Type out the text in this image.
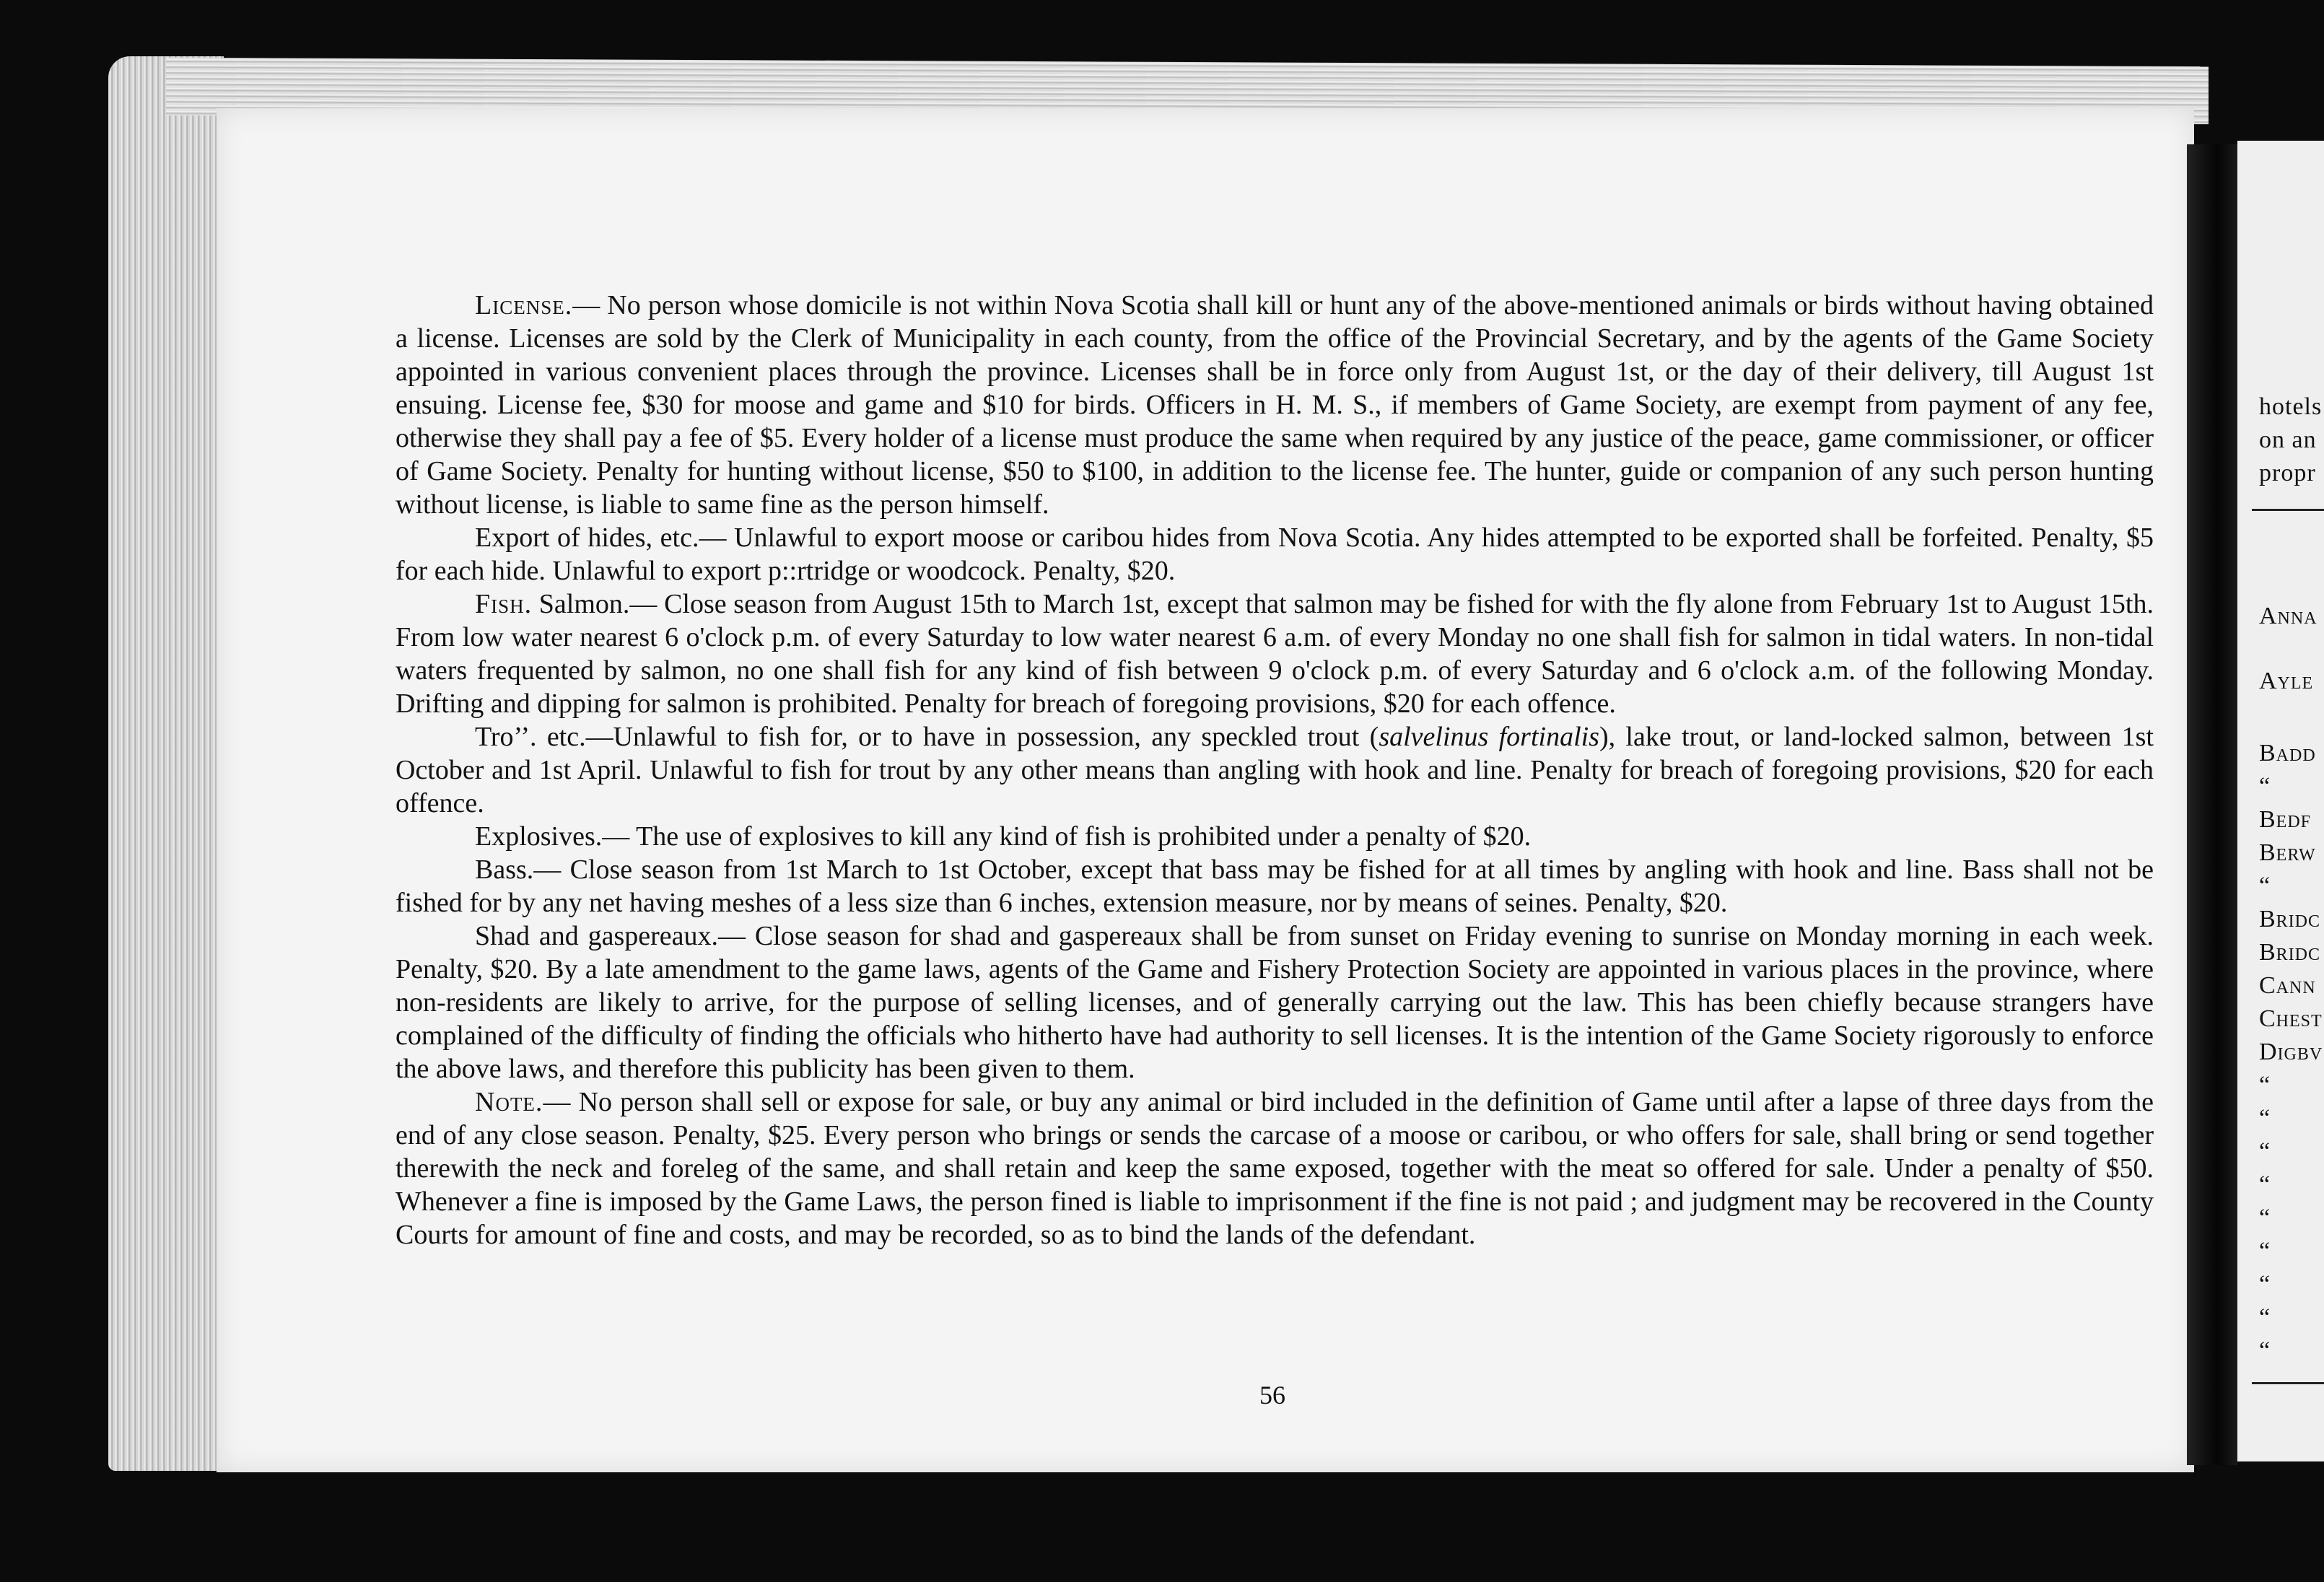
hotels
on an
propr
Anna
Ayle
Badd
“
Bedf
Berw
“
Bridc
Bridc
Cann
Chest
Digbv
“
“
“
“
“
“
“
“
“

License.— No person whose domicile is not within Nova Scotia shall kill or hunt any of the above-mentioned animals or birds without having obtained a license. Licenses are sold by the Clerk of Municipality in each county, from the office of the Provincial Secretary, and by the agents of the Game Society appointed in various convenient places through the province. Licenses shall be in force only from August 1st, or the day of their delivery, till August 1st ensuing. License fee, $30 for moose and game and $10 for birds. Officers in H. M. S., if members of Game Society, are exempt from payment of any fee, otherwise they shall pay a fee of $5. Every holder of a license must produce the same when required by any justice of the peace, game commissioner, or officer of Game Society. Penalty for hunting without license, $50 to $100, in addition to the license fee. The hunter, guide or companion of any such person hunting without license, is liable to same fine as the person himself.

Export of hides, etc.— Unlawful to export moose or caribou hides from Nova Scotia. Any hides attempted to be exported shall be forfeited. Penalty, $5 for each hide. Unlawful to export p::rtridge or woodcock. Penalty, $20.

Fish. Salmon.— Close season from August 15th to March 1st, except that salmon may be fished for with the fly alone from February 1st to August 15th. From low water nearest 6 o'clock p.m. of every Saturday to low water nearest 6 a.m. of every Monday no one shall fish for salmon in tidal waters. In non-tidal waters frequented by salmon, no one shall fish for any kind of fish between 9 o'clock p.m. of every Saturday and 6 o'clock a.m. of the following Monday. Drifting and dipping for salmon is prohibited. Penalty for breach of foregoing provisions, $20 for each offence.

Tro’’. etc.—Unlawful to fish for, or to have in possession, any speckled trout (salvelinus fortinalis), lake trout, or land-locked salmon, between 1st October and 1st April. Unlawful to fish for trout by any other means than angling with hook and line. Penalty for breach of foregoing provisions, $20 for each offence.

Explosives.— The use of explosives to kill any kind of fish is prohibited under a penalty of $20.

Bass.— Close season from 1st March to 1st October, except that bass may be fished for at all times by angling with hook and line. Bass shall not be fished for by any net having meshes of a less size than 6 inches, extension measure, nor by means of seines. Penalty, $20.

Shad and gaspereaux.— Close season for shad and gaspereaux shall be from sunset on Friday evening to sunrise on Monday morning in each week. Penalty, $20. By a late amendment to the game laws, agents of the Game and Fishery Protection Society are appointed in various places in the province, where non-residents are likely to arrive, for the purpose of selling licenses, and of generally carrying out the law. This has been chiefly because strangers have complained of the difficulty of finding the officials who hitherto have had authority to sell licenses. It is the intention of the Game Society rigorously to enforce the above laws, and therefore this publicity has been given to them.

Note.— No person shall sell or expose for sale, or buy any animal or bird included in the definition of Game until after a lapse of three days from the end of any close season. Penalty, $25. Every person who brings or sends the carcase of a moose or caribou, or who offers for sale, shall bring or send together therewith the neck and foreleg of the same, and shall retain and keep the same exposed, together with the meat so offered for sale. Under a penalty of $50. Whenever a fine is imposed by the Game Laws, the person fined is liable to imprisonment if the fine is not paid ; and judgment may be recovered in the County Courts for amount of fine and costs, and may be recorded, so as to bind the lands of the defendant.

56
